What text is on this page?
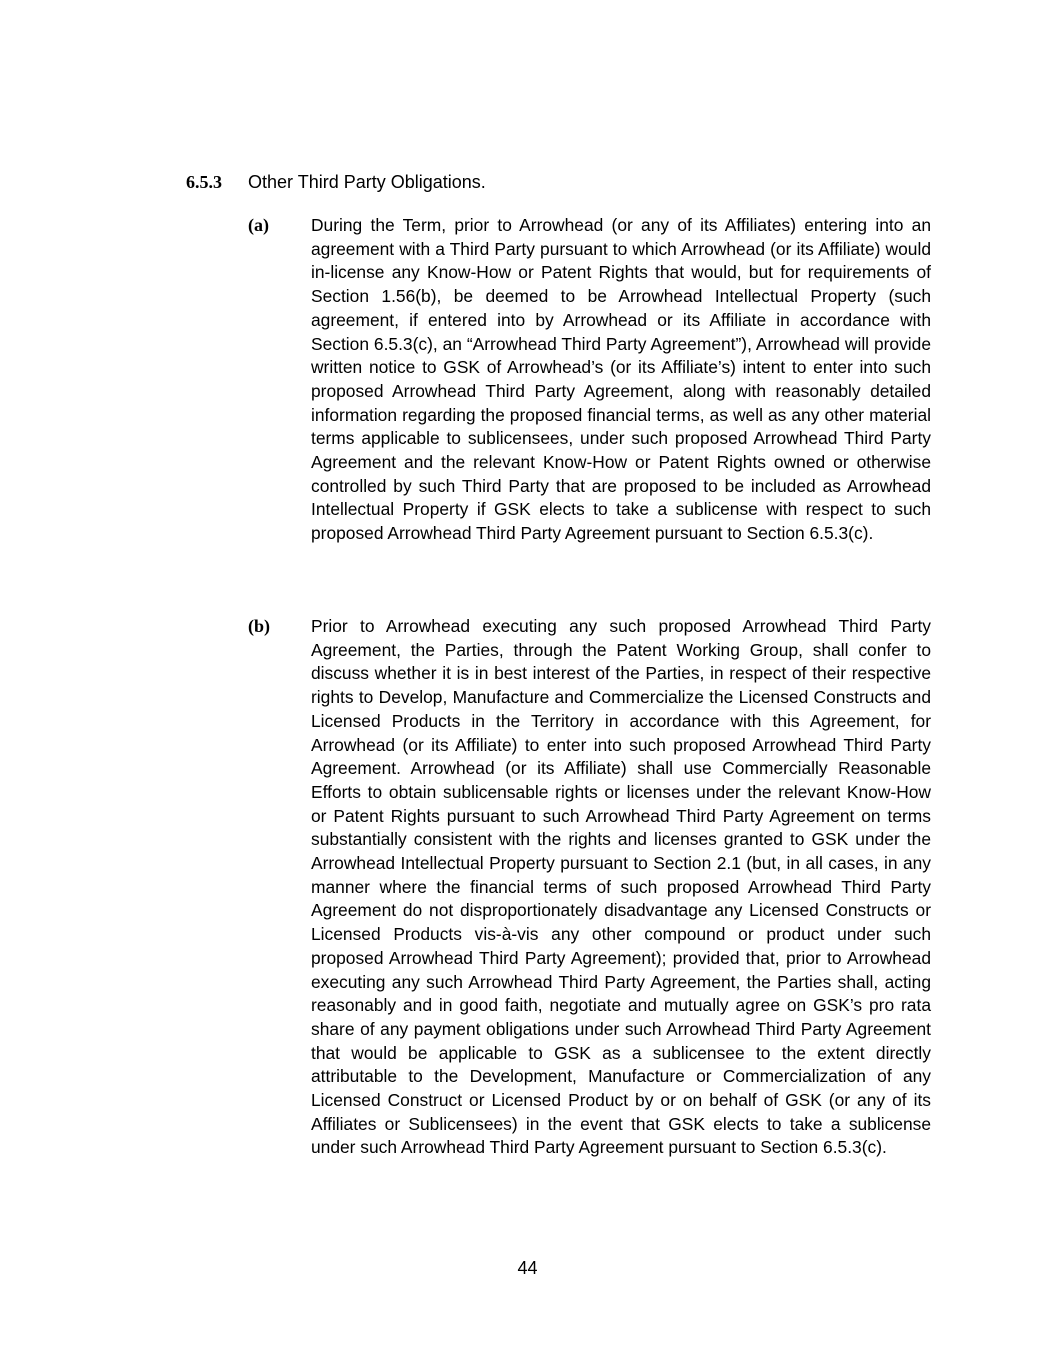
6.5.3 Other Third Party Obligations.
(a) During the Term, prior to Arrowhead (or any of its Affiliates) entering into an agreement with a Third Party pursuant to which Arrowhead (or its Affiliate) would in-license any Know-How or Patent Rights that would, but for requirements of Section 1.56(b), be deemed to be Arrowhead Intellectual Property (such agreement, if entered into by Arrowhead or its Affiliate in accordance with Section 6.5.3(c), an “Arrowhead Third Party Agreement”), Arrowhead will provide written notice to GSK of Arrowhead’s (or its Affiliate’s) intent to enter into such proposed Arrowhead Third Party Agreement, along with reasonably detailed information regarding the proposed financial terms, as well as any other material terms applicable to sublicensees, under such proposed Arrowhead Third Party Agreement and the relevant Know-How or Patent Rights owned or otherwise controlled by such Third Party that are proposed to be included as Arrowhead Intellectual Property if GSK elects to take a sublicense with respect to such proposed Arrowhead Third Party Agreement pursuant to Section 6.5.3(c).

(b) Prior to Arrowhead executing any such proposed Arrowhead Third Party Agreement, the Parties, through the Patent Working Group, shall confer to discuss whether it is in best interest of the Parties, in respect of their respective rights to Develop, Manufacture and Commercialize the Licensed Constructs and Licensed Products in the Territory in accordance with this Agreement, for Arrowhead (or its Affiliate) to enter into such proposed Arrowhead Third Party Agreement. Arrowhead (or its Affiliate) shall use Commercially Reasonable Efforts to obtain sublicensable rights or licenses under the relevant Know-How or Patent Rights pursuant to such Arrowhead Third Party Agreement on terms substantially consistent with the rights and licenses granted to GSK under the Arrowhead Intellectual Property pursuant to Section 2.1 (but, in all cases, in any manner where the financial terms of such proposed Arrowhead Third Party Agreement do not disproportionately disadvantage any Licensed Constructs or Licensed Products vis-à-vis any other compound or product under such proposed Arrowhead Third Party Agreement); provided that, prior to Arrowhead executing any such Arrowhead Third Party Agreement, the Parties shall, acting reasonably and in good faith, negotiate and mutually agree on GSK’s pro rata share of any payment obligations under such Arrowhead Third Party Agreement that would be applicable to GSK as a sublicensee to the extent directly attributable to the Development, Manufacture or Commercialization of any Licensed Construct or Licensed Product by or on behalf of GSK (or any of its Affiliates or Sublicensees) in the event that GSK elects to take a sublicense under such Arrowhead Third Party Agreement pursuant to Section 6.5.3(c).

44
